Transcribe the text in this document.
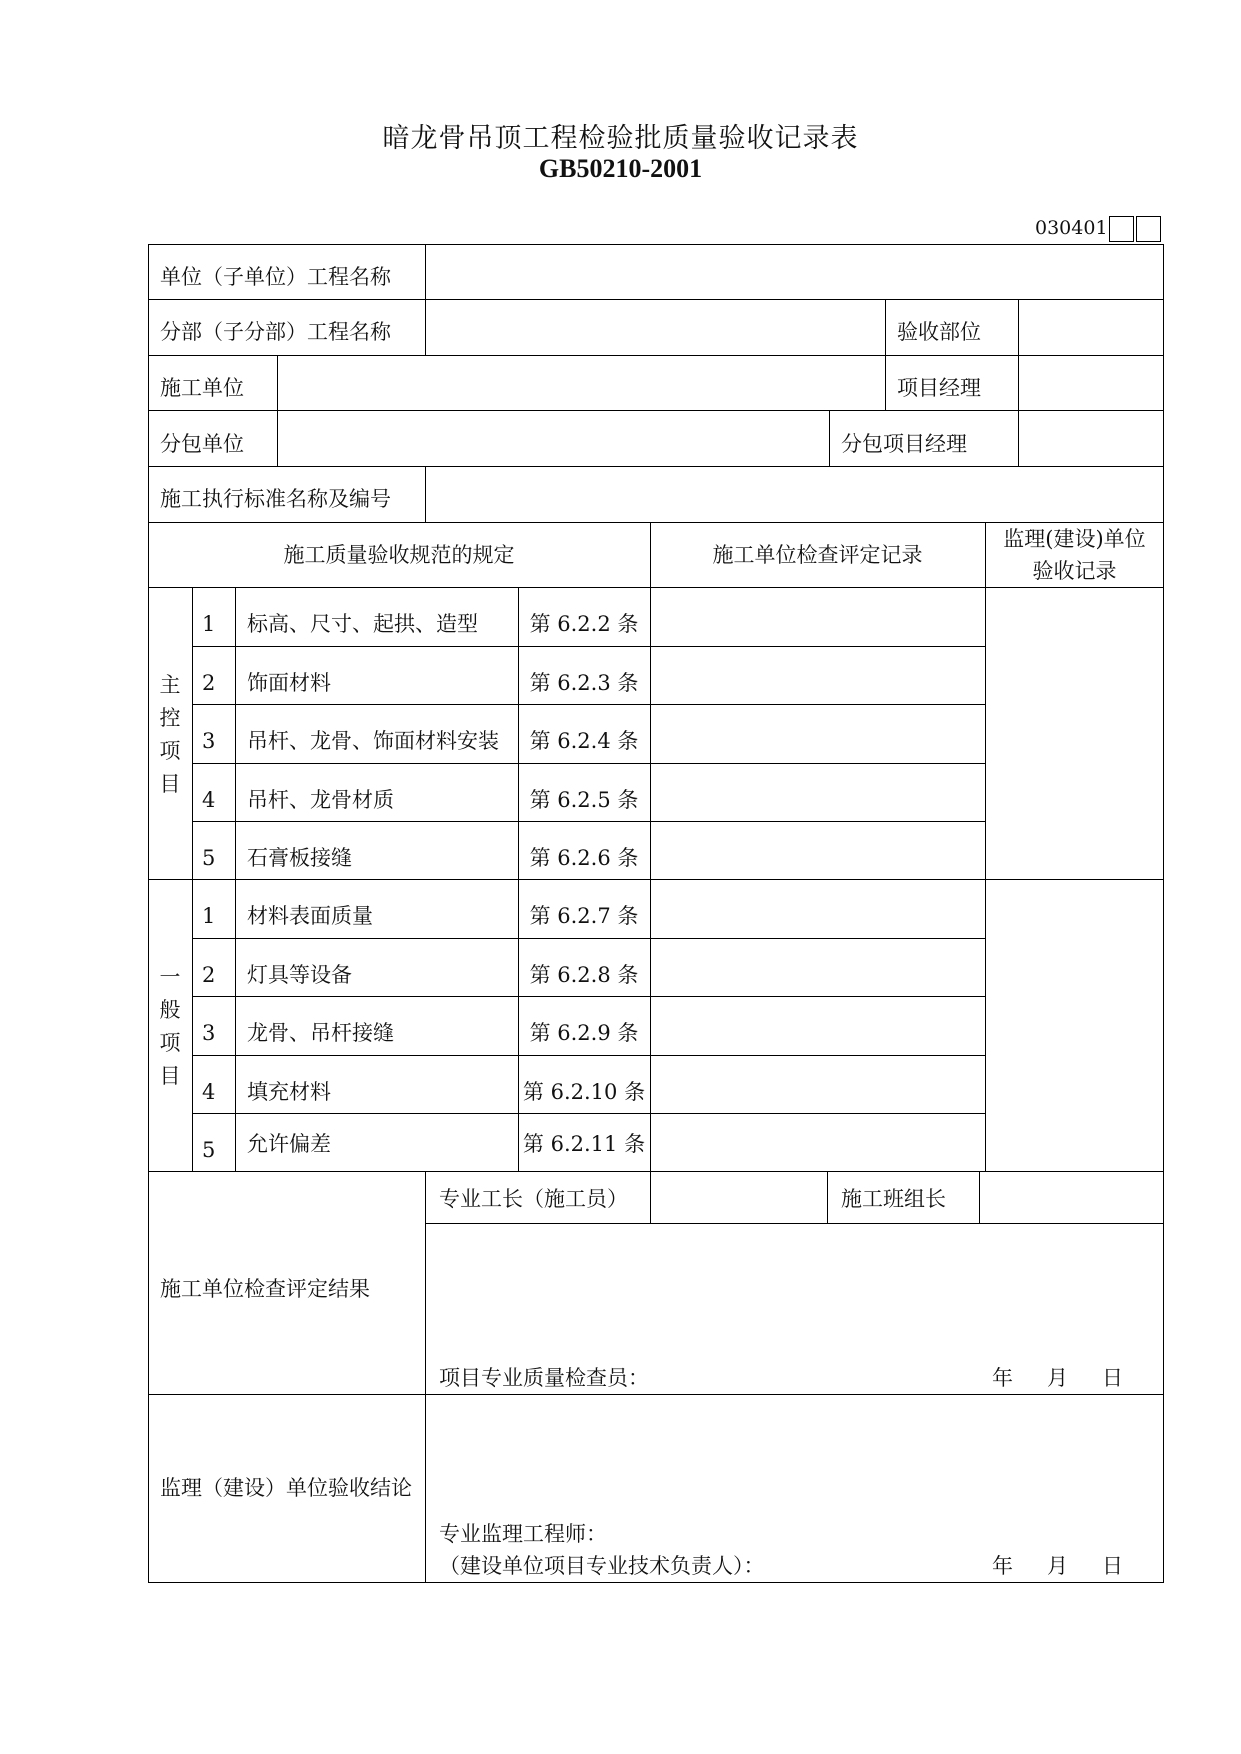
暗龙骨吊顶工程检验批质量验收记录表
GB50210-2001
030401
单位（子单位）工程名称
分部（子分部）工程名称	验收部位
施工单位	项目经理
分包单位	分包项目经理
施工执行标准名称及编号
施工质量验收规范的规定	施工单位检查评定记录
监理(建设)单位
验收记录
主
控
项
目
1 标高、尺寸、起拱、造型	第 6.2.2 条
2 饰面材料	第 6.2.3 条
3 吊杆、龙骨、饰面材料安装	第 6.2.4 条
4 吊杆、龙骨材质	第 6.2.5 条
5 石膏板接缝	第 6.2.6 条
一
般
项
目
1 材料表面质量	第 6.2.7 条
2 灯具等设备	第 6.2.8 条
3 龙骨、吊杆接缝	第 6.2.9 条
4 填充材料	第 6.2.10 条
5 允许偏差	第 6.2.11 条
施工单位检查评定结果
专业工长（施工员）	施工班组长
项目专业质量检查员：	年 月 日
监理（建设）单位验收结论
专业监理工程师：
（建设单位项目专业技术负责人）：	年 月 日
